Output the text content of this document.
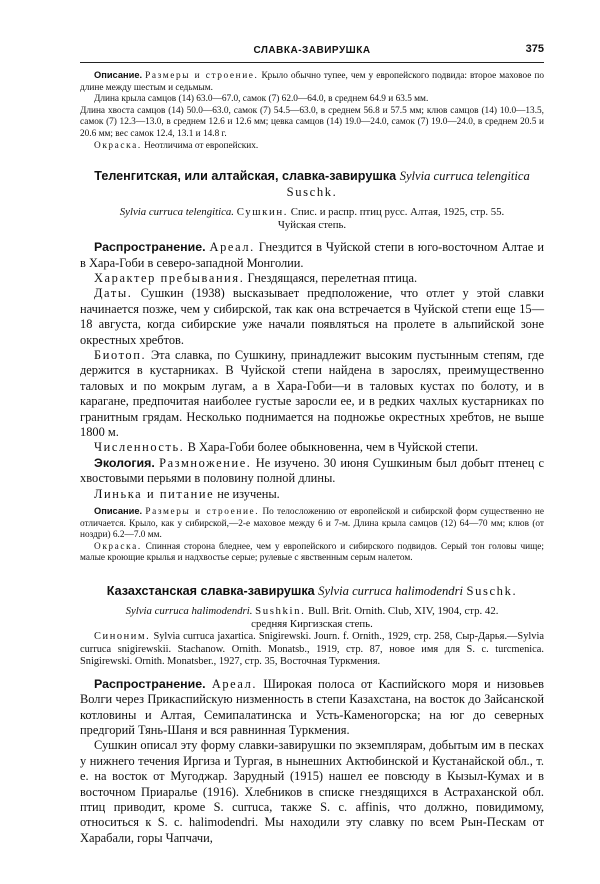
СЛАВКА-ЗАВИРУШКА	375

Описание. Размеры и строение. Крыло обычно тупее, чем у европейского подвида: второе маховое по длине между шестым и седьмым.

Длина крыла самцов (14) 63.0—67.0, самок (7) 62.0—64.0, в среднем 64.9 и 63.5 мм.

Длина хвоста самцов (14) 50.0—63.0, самок (7) 54.5—63.0, в среднем 56.8 и 57.5 мм; клюв самцов (14) 10.0—13.5, самок (7) 12.3—13.0, в среднем 12.6 и 12.6 мм; цевка самцов (14) 19.0—24.0, самок (7) 19.0—24.0, в среднем 20.5 и 20.6 мм; вес самок 12.4, 13.1 и 14.8 г.

Окраска. Неотличима от европейских.

Теленгитская, или алтайская, славка-завирушка Sylvia curruca telengitica
Suschk.

Sylvia curruca telengitica. Сушкин. Спис. и распр. птиц русс. Алтая, 1925, стр. 55.
Чуйская степь.

Распространение. Ареал. Гнездится в Чуйской степи в юго-восточном Алтае и в Хара-Гоби в северо-западной Монголии.

Характер пребывания. Гнездящаяся, перелетная птица.

Даты. Сушкин (1938) высказывает предположение, что отлет у этой славки начинается позже, чем у сибирской, так как она встречается в Чуйской степи еще 15—18 августа, когда сибирские уже начали появляться на пролете в альпийской зоне окрестных хребтов.

Биотоп. Эта славка, по Сушкину, принадлежит высоким пустынным степям, где держится в кустарниках. В Чуйской степи найдена в зарослях, преимущественно таловых и по мокрым лугам, а в Хара-Гоби—и в таловых кустах по болоту, и в карагане, предпочитая наиболее густые заросли ее, и в редких чахлых кустарниках по гранитным грядам. Несколько поднимается на подножье окрестных хребтов, не выше 1800 м.

Численность. В Хара-Гоби более обыкновенна, чем в Чуйской степи.

Экология. Размножение. Не изучено. 30 июня Сушкиным был добыт птенец с хвостовыми перьями в половину полной длины.

Линька и питание не изучены.

Описание. Размеры и строение. По телосложению от европейской и сибирской форм существенно не отличается. Крыло, как у сибирской,—2-е маховое между 6 и 7-м. Длина крыла самцов (12) 64—70 мм; клюв (от ноздри) 6.2—7.0 мм.

Окраска. Спинная сторона бледнее, чем у европейского и сибирского подвидов. Серый тон головы чище; малые кроющие крылья и надхвостье серые; рулевые с явственным серым налетом.

Казахстанская славка-завирушка Sylvia curruca halimodendri Suschk.

Sylvia curruca halimodendri. Sushkin. Bull. Brit. Ornith. Club, XIV, 1904, стр. 42.
средняя Киргизская степь.

Синоним. Sylvia curruca jaxartica. Snigirewski. Journ. f. Ornith., 1929, стр. 258, Сыр-Дарья.—Sylvia curruca snigirewskii. Stachanow. Ornith. Monatsb., 1919, стр. 87, новое имя для S. c. turcmenica. Snigirewski. Ornith. Monatsber., 1927, стр. 35, Восточная Туркмения.

Распространение. Ареал. Широкая полоса от Каспийского моря и низовьев Волги через Прикаспийскую низменность в степи Казахстана, на восток до Зайсанской котловины и Алтая, Семипалатинска и Усть-Каменогорска; на юг до северных предгорий Тянь-Шаня и вся равнинная Туркмения.

Сушкин описал эту форму славки-завирушки по экземплярам, добытым им в песках у нижнего течения Иргиза и Тургая, в нынешних Актюбинской и Кустанайской обл., т. е. на восток от Мугоджар. Зарудный (1915) нашел ее повсюду в Кызыл-Кумах и в восточном Приаралье (1916). Хлебников в списке гнездящихся в Астраханской обл. птиц приводит, кроме S. curruca, также S. c. affinis, что должно, повидимому, относиться к S. c. halimodendri. Мы находили эту славку по всем Рын-Пескам от Харабали, горы Чапчачи,
